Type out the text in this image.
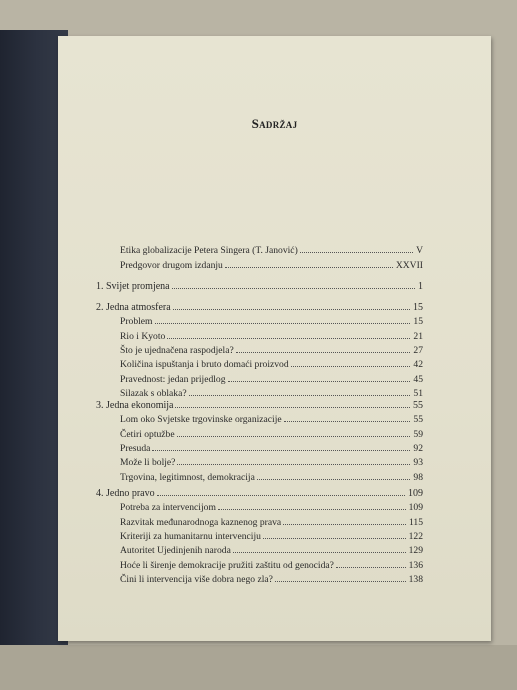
Sadržaj
Etika globalizacije Petera Singera (T. Janović)	V
Predgovor drugom izdanju	XXVII
1. Svijet promjena	1
2. Jedna atmosfera	15
Problem	15
Rio i Kyoto	21
Što je ujednačena raspodjela?	27
Količina ispuštanja i bruto domaći proizvod	42
Pravednost: jedan prijedlog	45
Silazak s oblaka?	51
3. Jedna ekonomija	55
Lom oko Svjetske trgovinske organizacije	55
Četiri optužbe	59
Presuda	92
Može li bolje?	93
Trgovina, legitimnost, demokracija	98
4. Jedno pravo	109
Potreba za intervencijom	109
Razvitak međunarodnoga kaznenog prava	115
Kriteriji za humanitarnu intervenciju	122
Autoritet Ujedinjenih naroda	129
Hoće li širenje demokracije pružiti zaštitu od genocida?	136
Čini li intervencija više dobra nego zla?	138
